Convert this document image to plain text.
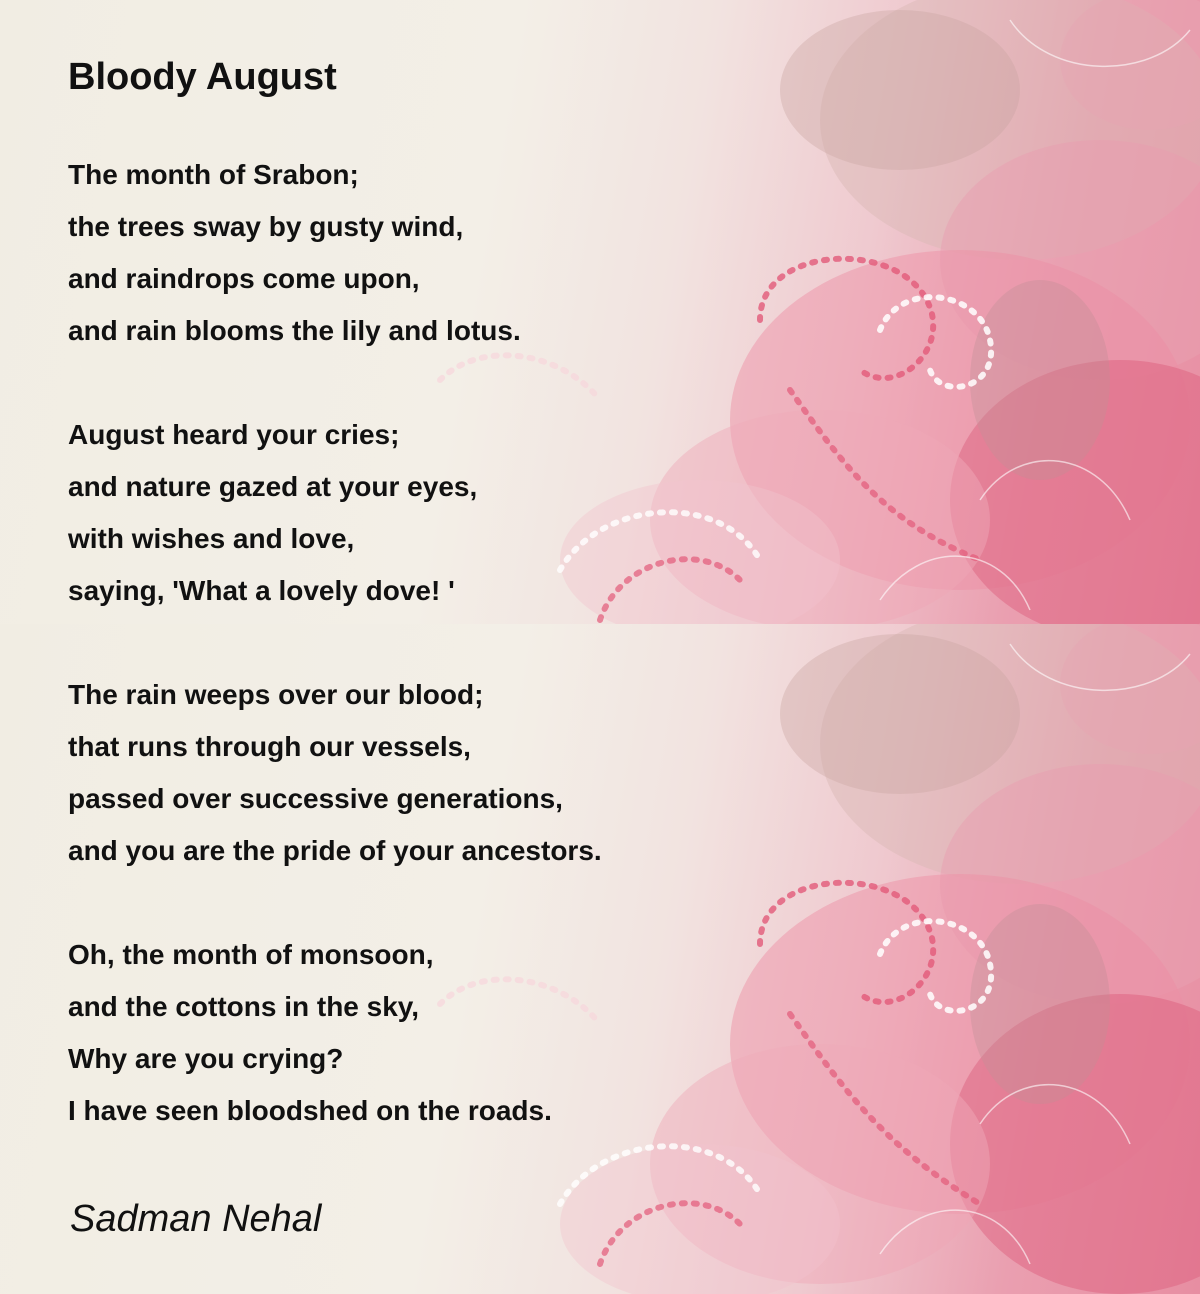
Bloody August
The month of Srabon;
the trees sway by gusty wind,
and raindrops come upon,
and rain blooms the lily and lotus.
August heard your cries;
and nature gazed at your eyes,
with wishes and love,
saying, 'What a lovely dove! '
The rain weeps over our blood;
that runs through our vessels,
passed over successive generations,
and you are the pride of your ancestors.
Oh, the month of monsoon,
and the cottons in the sky,
Why are you crying?
I have seen bloodshed on the roads.
Sadman Nehal
